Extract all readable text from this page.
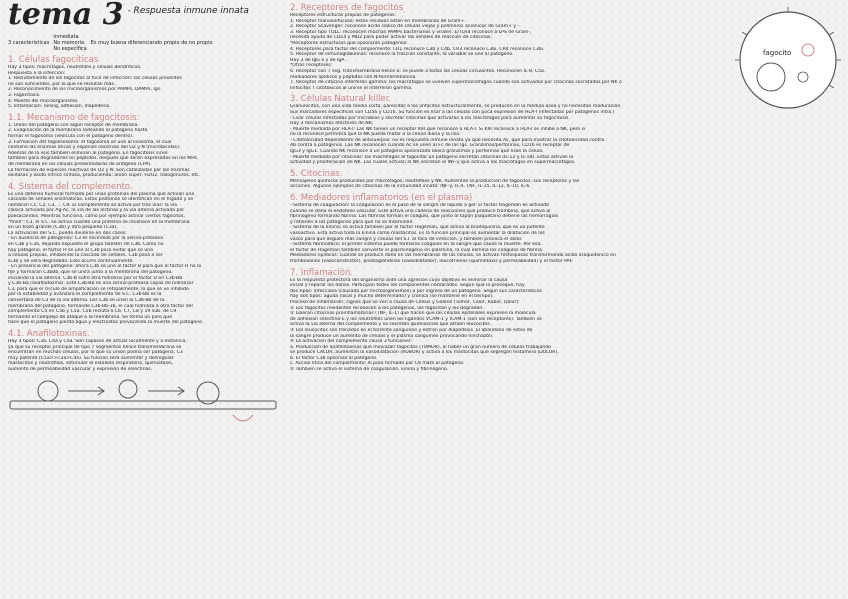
tema 3 - Respuesta inmune innata
3 características
Inmediata
No memoria
No específica
Es muy buena diferenciando propio de no propio
1. Células fagocíticas
Hay 3 tipos: macrófagos, neutrófilos y células dendríticas.
Respuesta a la infección:
1. Reclutamiento de los fagocitos al foco de infección: las células presentes
no son suficientes, por lo que se reclutan más.
2. Reconocimiento de los microorganismos por PAMPs, DAMPs, Igs.
3. Fagocitosis.
4. Muerte del microorganismo.
5. Inflamación: rolling, adhesión, diapédesis.
1.1. Mecanismo de fagocitosis:
1. Unión del patógeno con algún receptor de membrana.
2. Evaginación de la membrana rodeando al patógeno hasta
formar el fagosoma (vesícula con el patógeno dentro).
3. Formación del fagolisosoma: el fagosoma se une al lisosoma, el cual
contiene las enzimas líticas y especies reactivas del O2 y N (microbicidas).
Además de la lisis también eliminan al patógeno. En fagocitosis sirve:
también para degradarlos en péptidos, después que serán expresados en los MHC
de membrana en las células presentadoras de antígeno (CPA).
La formación de especies reactivas de O2 y N. Son catalizadas por las enzimas
oxidasas y óxido nítrico sintasa, produciendo: anión súper, H2O2, halogenuros, etc.
4. Sistema del complemento.
Es una defensa humoral formada por unas proteínas del plasma que activan una
cascada de señales enzimáticas. Estas proteínas se identifican en el hígado y se
nombran C1, C2, C3, ... C9. El complemento se activa por tres vías: la vía
clásica activada por Ag-Ac, la vía de las lectinas y la vía alterna activada por
polisacáridos. Mientras funciona, como por ejemplo activar ciertos fagocitos,
"fines": C3, el S.C. se activa cuando una proteína se reconoce en la membrana
en un trozo grande (C3b) y otro pequeño (C3a).
La activación del S.C. puede dividirse en dos casos:
- En ausencia de patógenos: C3 es escindido por la serina-proteasa
en C3b y C3a, dejando expuesto el grupo tioéster de C3b. Como no
hay patógeno, el factor H se une al C3b para evitar que se una
a células propias, inhibiendo la cascada de señales. C3b pasa a ser
iC3b y se verá degradado. Esto ocurre continuamente.
- En presencia del patógeno: ahora C3b se une al factor B para que al factor H no lo
fije y formarán C3bBb, que se unirá junto a la membrana del patógeno,
iniciando la vía alterna. C3b-B sufre otra hidrólisis por el factor D en C3b-Bb
y C3b-Ba (anafilotoxina). Este C3b-Bb es una serina-proteasa capaz de hidrolizar
C3, para que el círculo de amplificación se retroalimente, lo que se ve inhibido
por la estabilidad y avanzará el complemento de S.C. C3b-Bb es la
convertasa de C3 de la vía alterna. Los C3b se unen al C3b-Bb de la
membrana del patógeno, formando C3b-Bb-3b, el cual hidroliza a otro factor del
complemento C5 en C5b y C5a. C5b recluta a C6, C7, C8 y 19 sub. de C9
formando el complejo de ataque a la membrana. Se forma un poro que
hace que el patógeno pierda agua y electrolitos provocando la muerte del patógeno.
4.1. Anafilotoxinas.
Hay 3 tipos: C3a, C4a y C5a. Son capaces de actuar localmente y a distancia,
ya que su receptor principal de tipo 7 segmentos hélice transmembrana se
encuentran en muchas células, por lo que su unión podría ser patógena. C3
muy potente (C5a>>C3a>C4a). Su función será aumentar y desregular
mastocitos y neutrófilos, estimular el estallido respiratorio, quimiotaxis,
aumento de permeabilidad vascular y expresión de selectinas.
2. Receptores de fagocitos
Receptores estructuras propias de patógenos:
1. Receptor manosa/fucosa: estos residuos están en membranas de Gram+.
2. Receptor Scavenger: reconoce ácido siálico de células viejas y polímeros aniónicos de Gram+ y -.
3. Receptor tipo TOLL: reconocen muchas PAMPs bacterianos y virales. E/TLR4 reconoce a LPS de Gram-,
necesita ayuda de CD14 y MD2 para poder activar las señales de reacción de citocinas.
*Receptores estructuras que opsonizan patógenos:
4. Receptores para factor del complemento: CR1 reconoce C3b y C4b, CR3 reconoce C3bi, CR4 reconoce C3bi.
5. Receptor de inmunoglobulinas: reconoce la fracción constante, la variable se une al patógeno.
Hay 3 de IgG e y de IgA.
*Otros receptores:
6. Receptor con 7 seg. transmembrana hélice α: se puede a todas las células circulantes. Reconocen IL-8, C5a.
mediadores lipídicos y péptidos con N-formilmetionina.
7. Receptor de citocina interferón gamma: los macrófagos se vuelven supermacrófagos cuando son activados por citocinas secretadas por NK o
linfocitos T citotóxicos al unirse el interferón gamma.
3. Células Natural killer.
Granulocitos, con una vida media corta, parecidas a los linfocitos estructuralmente, se producen en la médula ósea y no necesitan maduración.
Sus marcadores específicos son CD56 y CD16. Su función es lisar a las células con poca expresión de HLA-I (infectadas por patógenos intra.)
- Lisar células infectadas por microbios y secretar citocinas que activarán a los macrófagos para aumentar su fagocitosis.
Hay 3 mecanismos efectores de NK:
- Muerte mediada por HLA-I: Las NK tienen un receptor KIR que reconoce a HLA-I. Si KIR reconoce a HLA-I se inhibe a NK, pero si
no la reconoce permitirá que la NK pueda matar a la célula diana y la lisa.
- Citotoxicidad dependiente de anticuerpos: no es respuesta inmune innata ya que necesita Ac, que para mostrar la citotoxicidad contra
Ab contra a patógenos. Las NK reconocen cuando Ac se unen al Fc de las Igs. Granzimas/perforinas, CD16 es receptor de
IgG3 y IgG1. Cuando NK reconoce a un patógeno opsonizado libera granzimas y perforinas que lisan la célula.
- Muerte mediada por citocinas: los macrófagos al fagocitar un patógeno secretan citocinas (IL-12 y IL-18). Estas activan la
actividad y proliferación de NK. Las cuales activan al NK secretan el INF-γ que activa a los macrófagos en supermacrófagos.
5. Citocinas.
Mensajeros químicos producidos por macrófagos, neutrófilos y NK. Aumentan la producción de fagocitos, sus receptores y las
acciones. Algunos ejemplos de citocinas de la inmunidad innata: INF-γ, IL-4, TNF, IL-15, IL-12, IL-10, IL-6.
6. Mediadores inflamatorios (en el plasma)
- Sistema de coagulación: la coagulación es el paso de la sangre de líquido a gel. El factor Hageman es activado
cuando se daña el endotelio vascular. Este activa una cadena de reacciones que produce trombina, que activa al
fibrinógeno formando fibrina. Las fibrinas forman el coágulo, que junto al tapón plaquetario detiene las hemorragias
y retienen a los patógenos para que no se diseminen.
- Sistema de la kinina: se activa también por el factor Hageman, que activa la bradiquinina, que es un potente
vasoactivo. Esta activa toda la kinina como mastocitos. Es la función principal es aumentar la dilatación de los
vasos para que lleguen más sangre y células del S.I. al foco de infección, y también provoca el dolor.
- Sistema fibrinolítico: el primer sistema puede formarse coágulos en la sangre que cause la muerte. Por eso,
el factor de Hageman también convierte el plasminógeno en plasmina, la cual elimina los coágulos de fibrina.
Mediadores lipídicos: cuando se produce daño en las membranas de las células, se activan fosfolipasas transformando ácido araquidónico en
tromboxanos (vasoconstrictor), prostaglandinas (vasodilatador), leucotrienos (quimiotaxis y permeabilidad) y el factor PAF.
7. Inflamación.
Es la respuesta protectora del organismo ante una agresión cuyo objetivo es eliminar la causa
inicial y reparar los daños. Participan todos los componentes nombrados. Según que la provoque, hay
dos tipos: infecciosa (causada por microorganismos) o por ingreso de un patógeno. Según sus características
hay dos tipos: aguda (local y mucho determinado) y crónica (se mantiene en el tiempo).
Proceso de inflamación: signos que se ven a causa de Celsus y Galeno (Tumor, Calor, Rubor, Dolor):
① Los fagocitos residentes reconocen a los patógenos, los fagocitan y los degradan.
② Liberan citocinas proinflamatorias (TNF, IL-1) que hacen que las células epiteliales expresen la molécula
de adhesión selectina-E y los neutrófilos unen los ligandos VCAM-1 y ICAM-1 (son los receptores). También se
activa la vía alterna del complemento y se secretan quimiocinas que atraen leucocitos.
③ Los leucocitos son frenados en el torrente sanguíneo y entran por diapédesis. El abandono de estos de
la sangre produce un aumento de células y el plasma sanguíneo provocando hinchazón.
④ La activación del complemento causa 3 funciones:
a. Producción de anafilotoxinas que movilizan fagocitos (TUMOR), al haber un gran número de células trabajando
se produce CALOR, aumentan la vasodilatación (RUBOR) y activa a los mastocitos que segregan histamina (DOLOR).
b. El factor C3b opsoniza al patógeno.
c. Acción lítica del complemento: el poro formado por C9 mata al patógeno.
⑤ También se activa el sistema de coagulación, kinina y fibrinógeno.
fagocito
